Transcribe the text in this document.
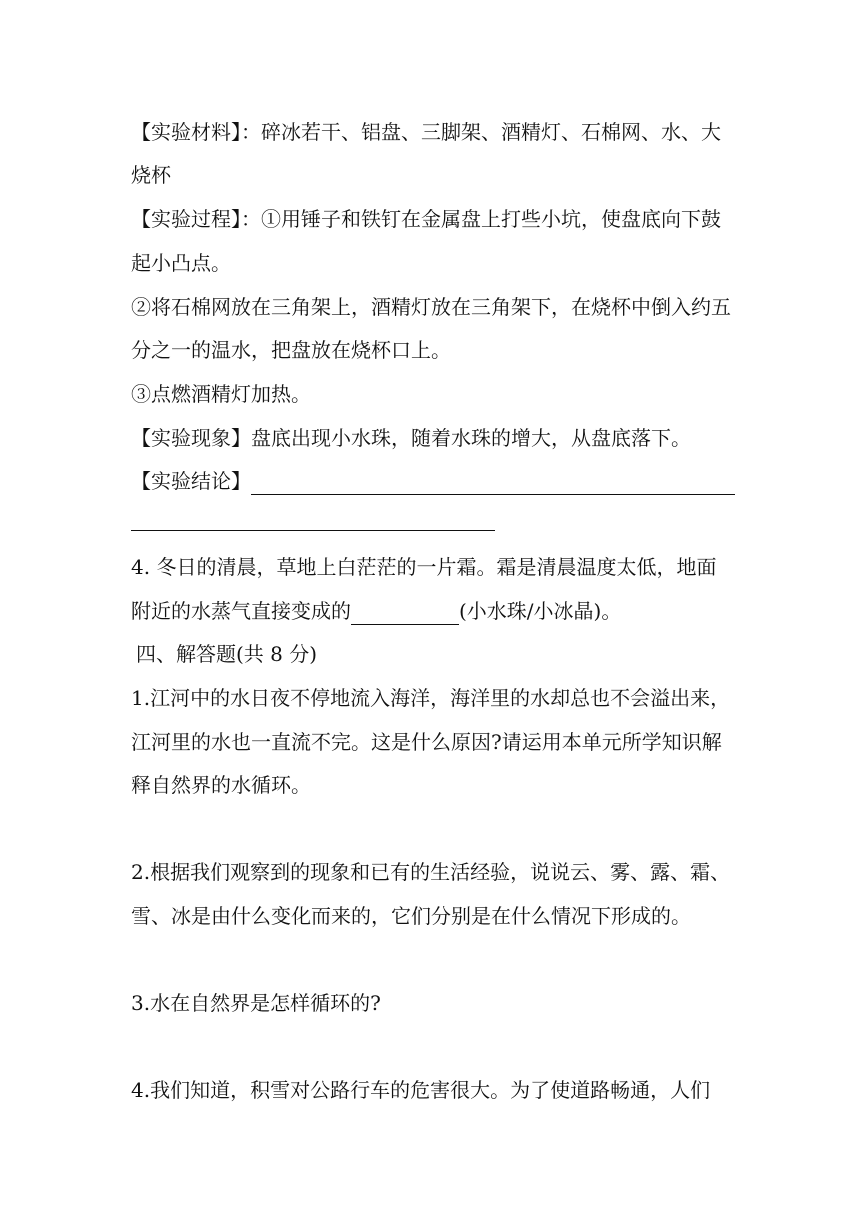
【实验材料】：碎冰若干、铝盘、三脚架、酒精灯、石棉网、水、大
烧杯
【实验过程】：①用锤子和铁钉在金属盘上打些小坑，使盘底向下鼓
起小凸点。
②将石棉网放在三角架上，酒精灯放在三角架下，在烧杯中倒入约五
分之一的温水，把盘放在烧杯口上。
③点燃酒精灯加热。
【实验现象】盘底出现小水珠，随着水珠的增大，从盘底落下。
【实验结论】
4. 冬日的清晨，草地上白茫茫的一片霜。霜是清晨温度太低，地面
附近的水蒸气直接变成的	(小水珠/小冰晶)。
四、解答题(共 8 分)
1.江河中的水日夜不停地流入海洋，海洋里的水却总也不会溢出来，
江河里的水也一直流不完。这是什么原因?请运用本单元所学知识解
释自然界的水循环。
2.根据我们观察到的现象和已有的生活经验，说说云、雾、露、霜、
雪、冰是由什么变化而来的，它们分别是在什么情况下形成的。
3.水在自然界是怎样循环的?
4.我们知道，积雪对公路行车的危害很大。为了使道路畅通，人们
